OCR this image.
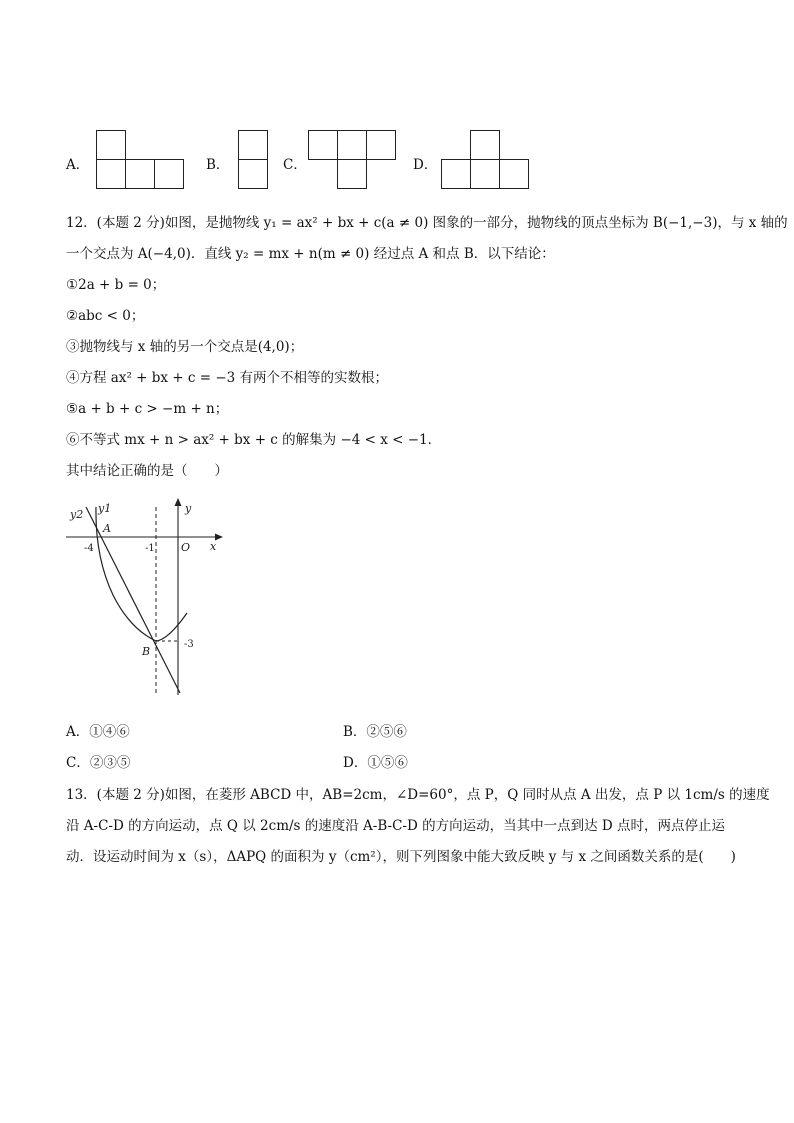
A．	B．	C．	D．
12．(本题 2 分)如图，是抛物线 y₁ = ax² + bx + c(a ≠ 0) 图象的一部分，抛物线的顶点坐标为 B(−1,−3)，与 x 轴的
一个交点为 A(−4,0)．直线 y₂ = mx + n(m ≠ 0) 经过点 A 和点 B．以下结论：
①2a + b = 0；
②abc < 0；
③抛物线与 x 轴的另一个交点是(4,0)；
④方程 ax² + bx + c = −3 有两个不相等的实数根；
⑤a + b + c > −m + n；
⑥不等式 mx + n > ax² + bx + c 的解集为 −4 < x < −1．
其中结论正确的是（　　）
y2 y1	y
x
A
B
O
-4	-1
-3
A．①④⑥	B．②⑤⑥
C．②③⑤	D．①⑤⑥
13．(本题 2 分)如图，在菱形 ABCD 中，AB=2cm，∠D=60°，点 P，Q 同时从点 A 出发，点 P 以 1cm/s 的速度
沿 A-C-D 的方向运动，点 Q 以 2cm/s 的速度沿 A-B-C-D 的方向运动，当其中一点到达 D 点时，两点停止运
动．设运动时间为 x（s），ΔAPQ 的面积为 y（cm²），则下列图象中能大致反映 y 与 x 之间函数关系的是(　　)
